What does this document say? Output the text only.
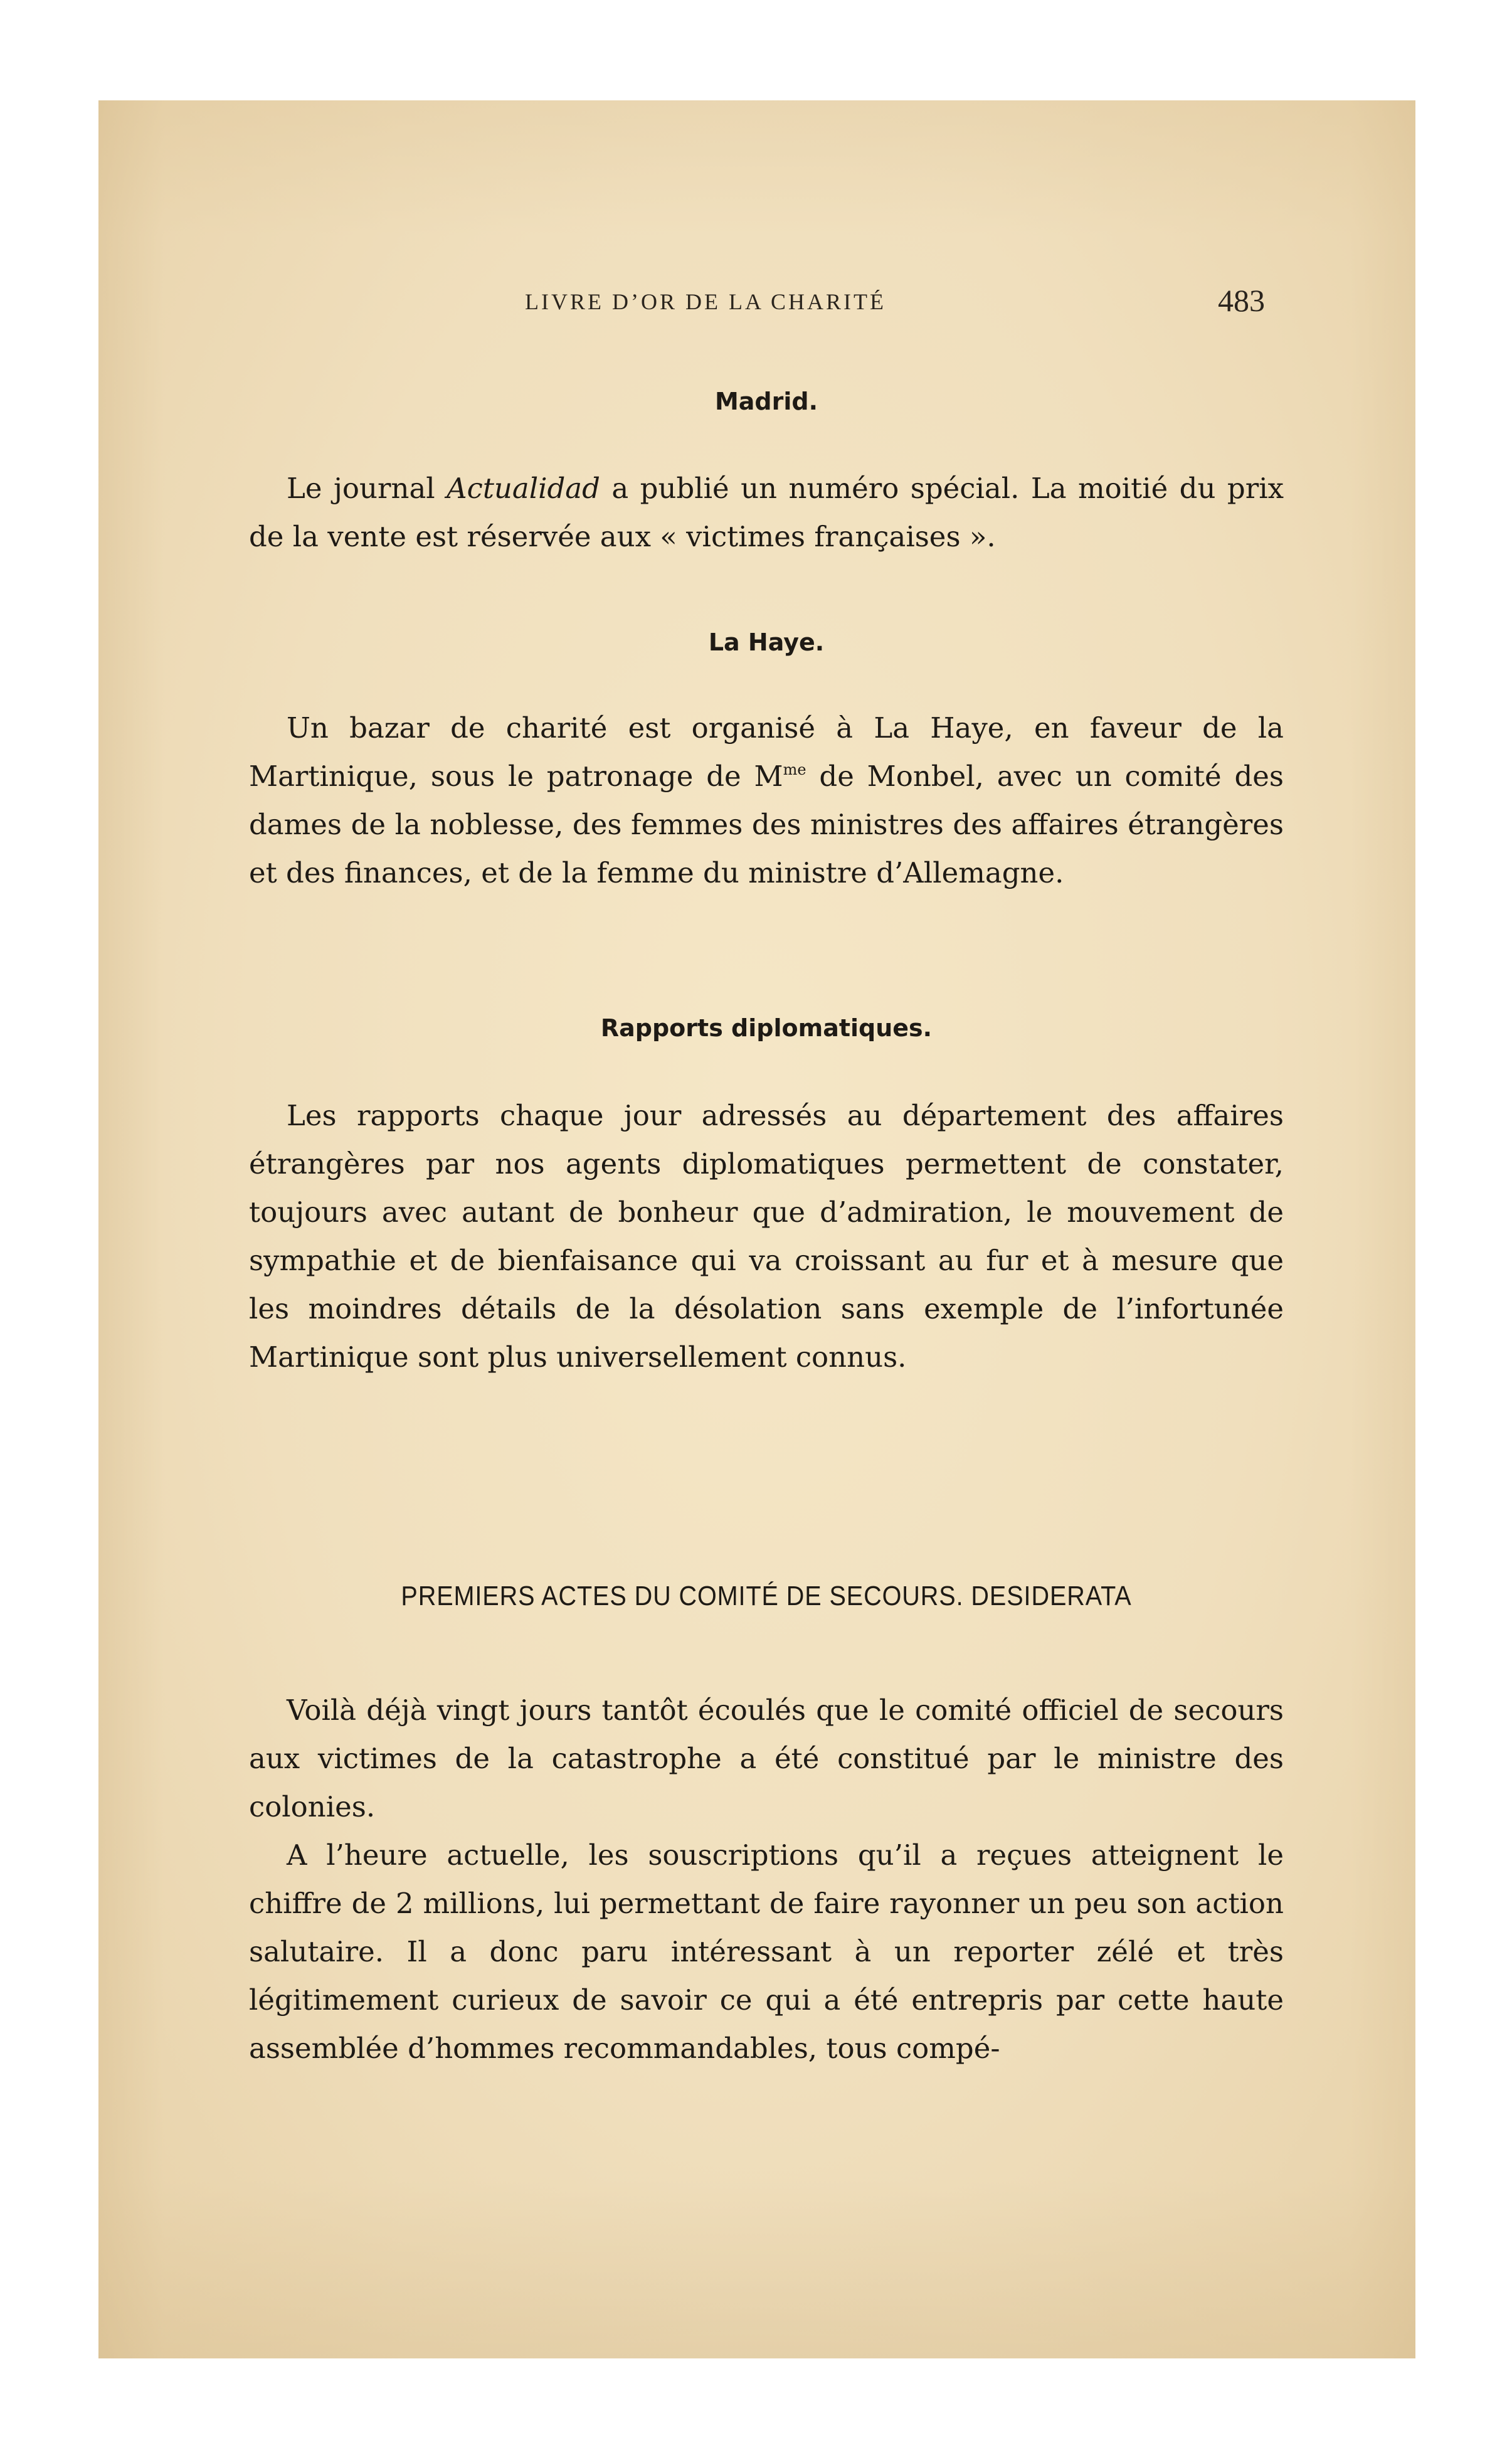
LIVRE D’OR DE LA CHARITÉ	483
Madrid.

Le journal Actualidad a publié un numéro spécial. La moitié du prix de la vente est réservée aux « victimes françaises ».

La Haye.

Un bazar de charité est organisé à La Haye, en faveur de la Martinique, sous le patronage de $M^{me}$ de Monbel, avec un comité des dames de la noblesse, des femmes des ministres des affaires étrangères et des finances, et de la femme du ministre d’Allemagne.

Rapports diplomatiques.

Les rapports chaque jour adressés au département des affaires étrangères par nos agents diplomatiques permettent de constater, toujours avec autant de bonheur que d’admiration, le mouvement de sympathie et de bienfaisance qui va croissant au fur et à mesure que les moindres détails de la désolation sans exemple de l’infortunée Martinique sont plus universellement connus.

PREMIERS ACTES DU COMITÉ DE SECOURS. DESIDERATA

Voilà déjà vingt jours tantôt écoulés que le comité officiel de secours aux victimes de la catastrophe a été constitué par le ministre des colonies.

A l’heure actuelle, les souscriptions qu’il a reçues atteignent le chiffre de 2 millions, lui permettant de faire rayonner un peu son action salutaire. Il a donc paru intéressant à un reporter zélé et très légitimement curieux de savoir ce qui a été entrepris par cette haute assemblée d’hommes recommandables, tous compé-
